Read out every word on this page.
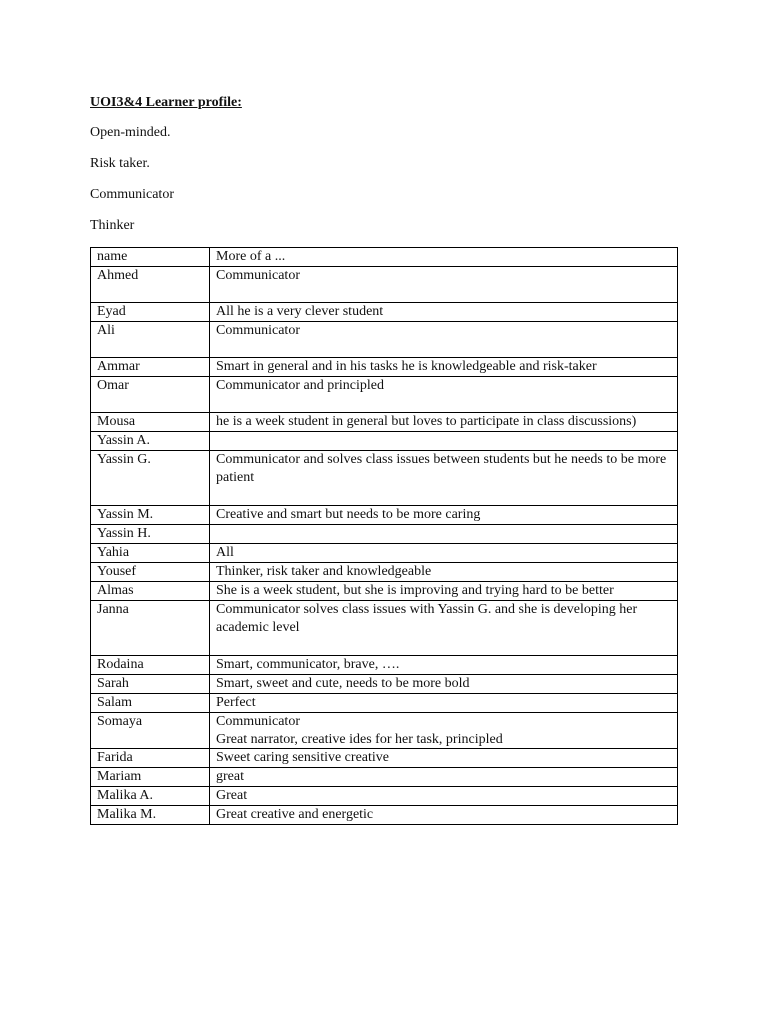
UOI3&4 Learner profile:

Open-minded.

Risk taker.

Communicator

Thinker

name	More of a ...
Ahmed	Communicator
Eyad	All he is a very clever student
Ali	Communicator
Ammar	Smart in general and in his tasks he is knowledgeable and risk-taker
Omar	Communicator and principled
Mousa	he is a week student in general but loves to participate in class discussions)
Yassin A.	
Yassin G.	Communicator and solves class issues between students but he needs to be more patient
Yassin M.	Creative and smart but needs to be more caring
Yassin H.	
Yahia	All
Yousef	Thinker, risk taker and knowledgeable
Almas	She is a week student, but she is improving and trying hard to be better
Janna	Communicator solves class issues with Yassin G. and she is developing her academic level
Rodaina	Smart, communicator, brave, ….
Sarah	Smart, sweet and cute, needs to be more bold
Salam	Perfect
Somaya	Communicator
Great narrator, creative ides for her task, principled

Farida	Sweet caring sensitive creative
Mariam	great
Malika A.	Great
Malika M.	Great creative and energetic
